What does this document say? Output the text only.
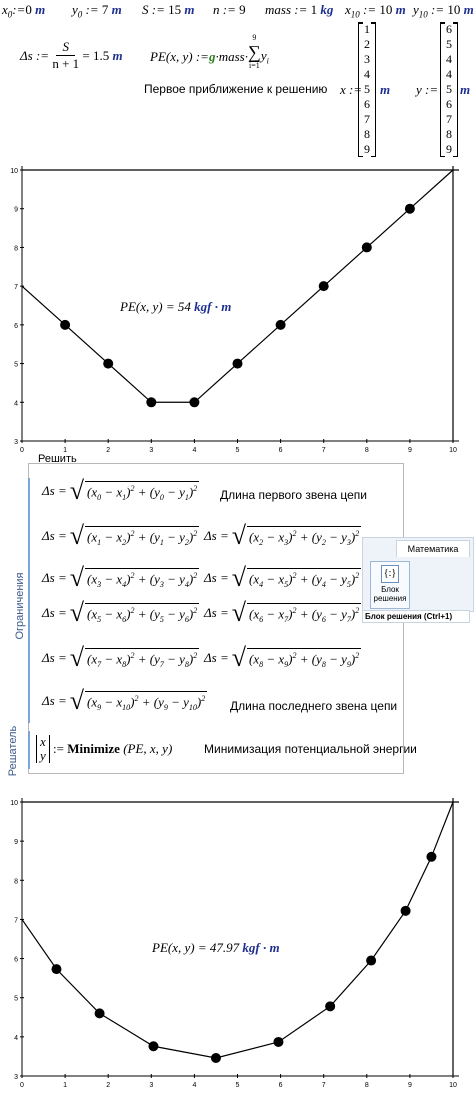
$x_0:=0$ m $y_0$ := 7 m S := 15 m n := 9 mass := 1 kg $x_{10}$ := 10 m $y_{10}$ := 10 m
Δs
:=
$\frac{S}{n + 1}$
= 1.5
m PE(x, y)
:= g · mass ·
9
∑
i=1
$y_i$
Первое приближение к решению x :=
1
2
3
4
5
6
7
8
9
m y :=
6
5
4
4
5
6
7
8
9
m
0	1	2	3	4	5	6	7	8	9	10
3
4
5
6
7
8
9
10
PE(x, y) = 54 kgf · m
Решить
Ограничения
Решатель
Δs = √ $(x_0 - x_1)^2 + (y_0 - y_1)^2$
Δs = √ $(x_1 - x_2)^2 + (y_1 - y_2)^2$ Δs = √ $(x_2 - x_3)^2 + (y_2 - y_3)^2$
Δs = √ $(x_3 - x_4)^2 + (y_3 - y_4)^2$ Δs = √ $(x_4 - x_5)^2 + (y_4 - y_5)^2$
Δs = √ $(x_5 - x_6)^2 + (y_5 - y_6)^2$ Δs = √ $(x_6 - x_7)^2 + (y_6 - y_7)^2$
Δs = √ $(x_7 - x_8)^2 + (y_7 - y_8)^2$ Δs = √ $(x_8 - x_9)^2 + (y_8 - y_9)^2$
Δs = √ $(x_9 - x_{10})^2 + (y_9 - y_{10})^2$
Длина первого звена цепи
Длина последнего звена цепи
x
y
:=
Minimize
(PE, x, y)	Минимизация потенциальной энергии
Математика
{:}
Блок
решения
Блок решения (Ctrl+1)
0	1	2	3	4	5	6	7	8	9	10
3
4
5
6
7
8
9
10
PE(x, y) = 47.97 kgf · m
